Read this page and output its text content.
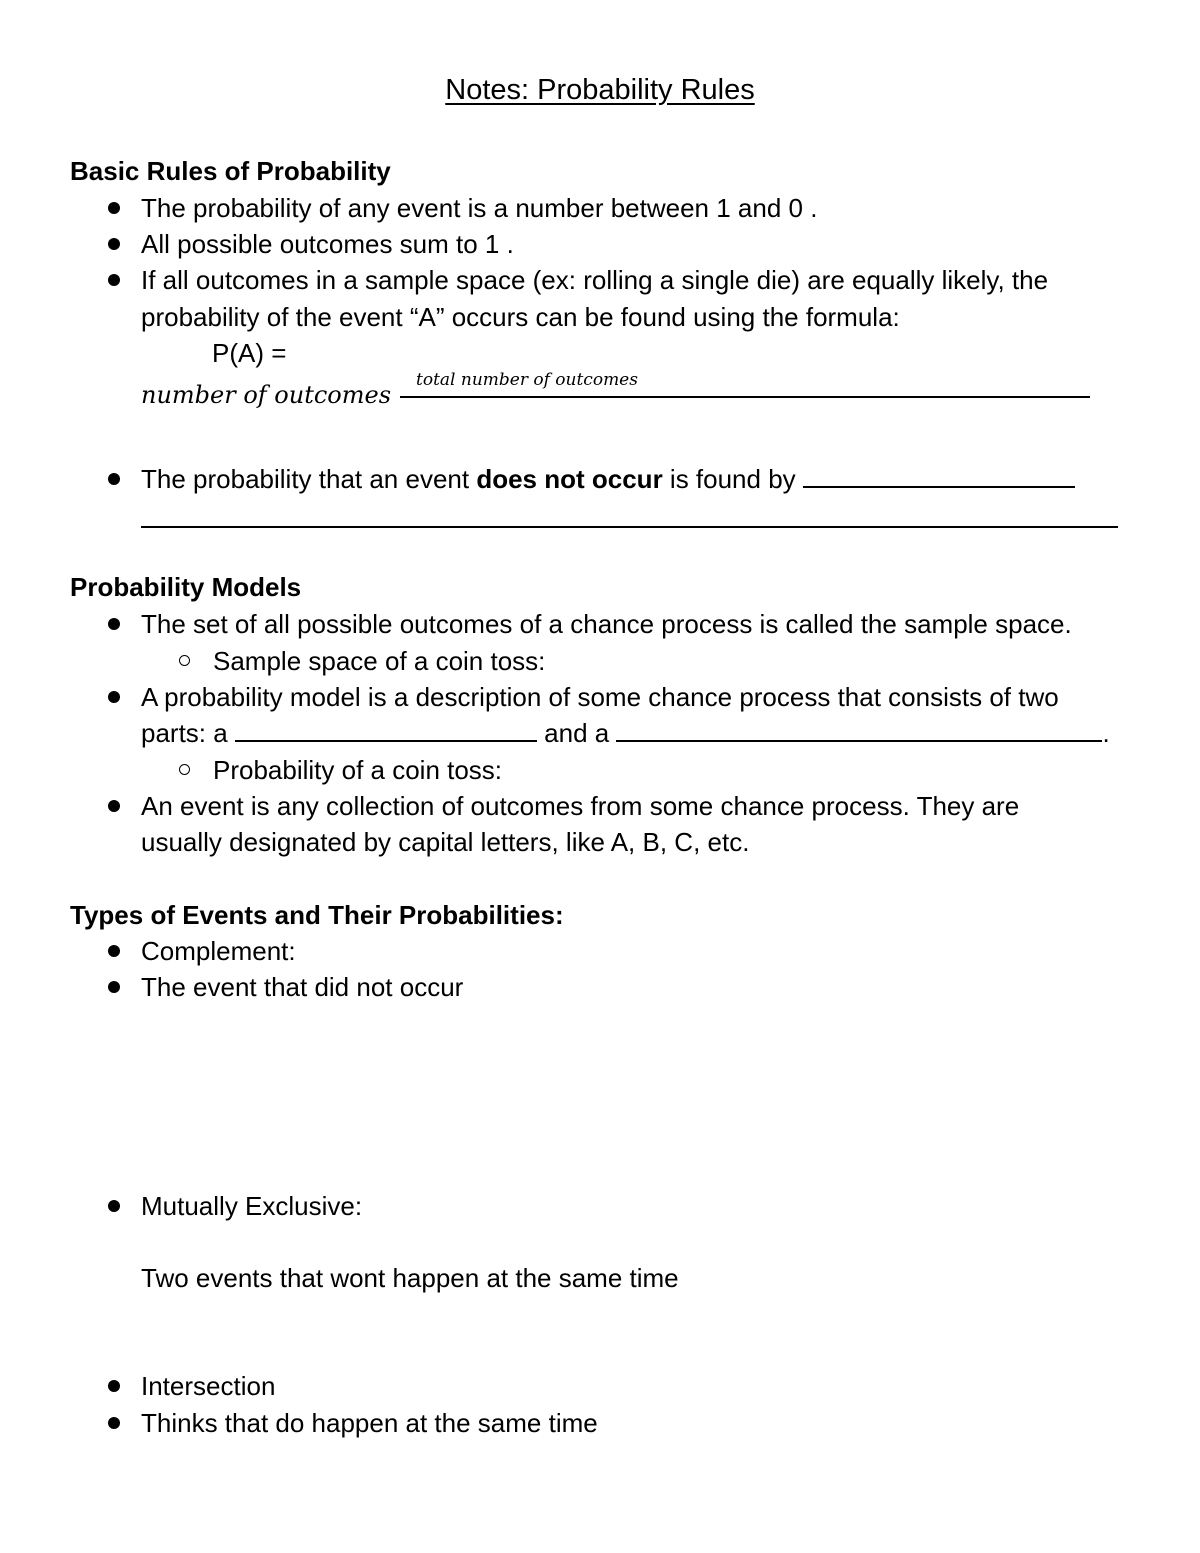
Notes: Probability Rules
Basic Rules of Probability
The probability of any event is a number between 1 and 0 .
All possible outcomes sum to 1 .
If all outcomes in a sample space (ex: rolling a single die) are equally likely, the
probability of the event “A” occurs can be found using the formula:
P(A) =
number of outcomes
total number of outcomes
The probability that an event does not occur is found by
Probability Models
The set of all possible outcomes of a chance process is called the sample space.
Sample space of a coin toss:
A probability model is a description of some chance process that consists of two
parts: a	and a	.
Probability of a coin toss:
An event is any collection of outcomes from some chance process. They are
usually designated by capital letters, like A, B, C, etc.
Types of Events and Their Probabilities:
Complement:
The event that did not occur
Mutually Exclusive:
Two events that wont happen at the same time
Intersection
Thinks that do happen at the same time
